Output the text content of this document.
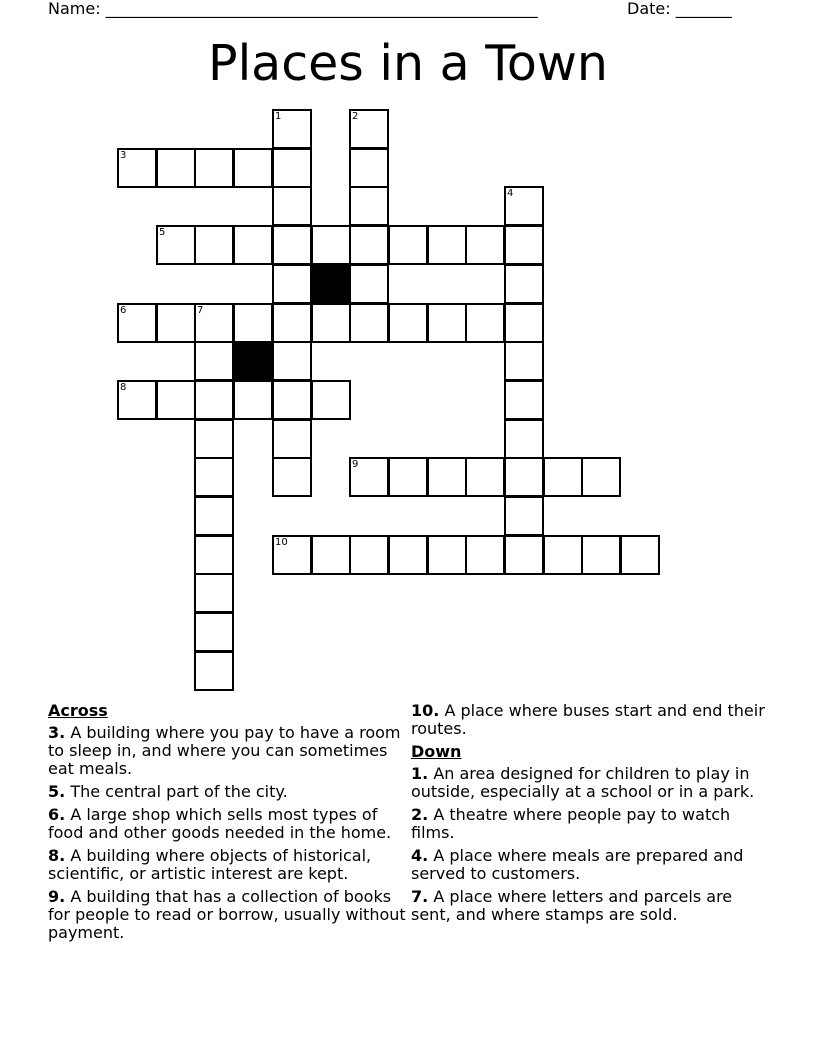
Name: ______________________________________________________	Date: _______
Places in a Town
1	2
3
4
5
6	7
8
9
10
Across
3. A building where you pay to have a room to sleep in, and where you can sometimes eat meals.
5. The central part of the city.
6. A large shop which sells most types of food and other goods needed in the home.
8. A building where objects of historical, scientific, or artistic interest are kept.
9. A building that has a collection of books for people to read or borrow, usually without payment.
10. A place where buses start and end their routes.
Down
1. An area designed for children to play in outside, especially at a school or in a park.
2. A theatre where people pay to watch films.
4. A place where meals are prepared and served to customers.
7. A place where letters and parcels are sent, and where stamps are sold.
